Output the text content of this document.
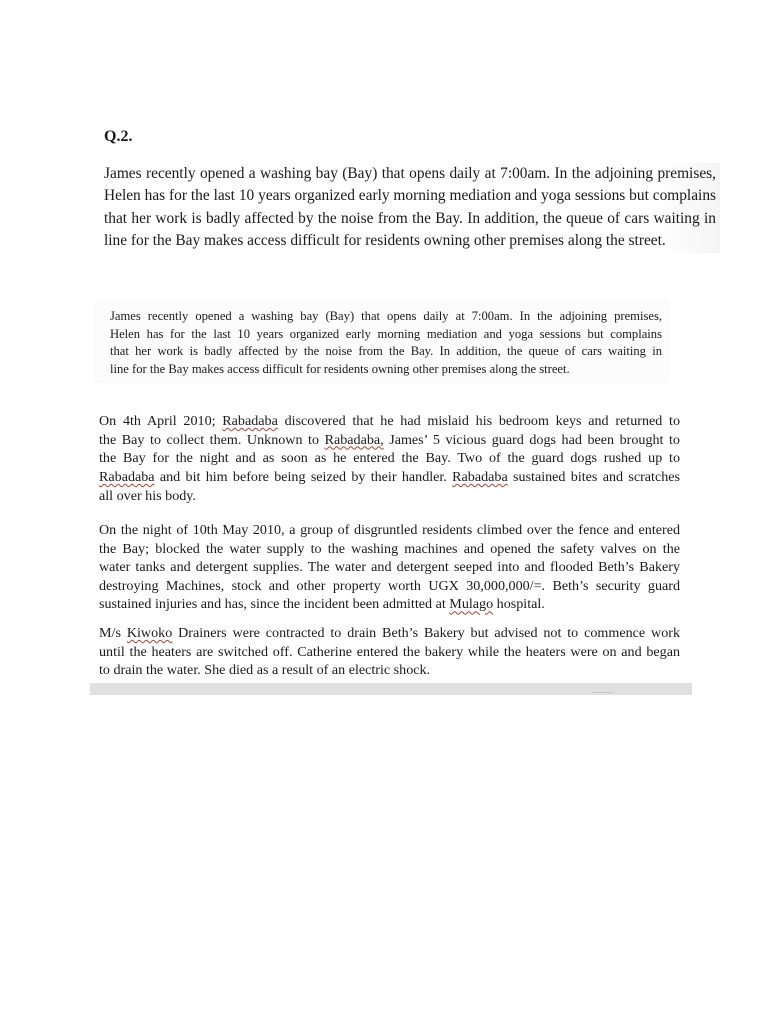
Q.2.

James recently opened a washing bay (Bay) that opens daily at 7:00am. In the adjoining premises,
Helen has for the last 10 years organized early morning mediation and yoga sessions but complains
that her work is badly affected by the noise from the Bay. In addition, the queue of cars waiting in
line for the Bay makes access difficult for residents owning other premises along the street.

James recently opened a washing bay (Bay) that opens daily at 7:00am. In the adjoining premises,
Helen has for the last 10 years organized early morning mediation and yoga sessions but complains
that her work is badly affected by the noise from the Bay. In addition, the queue of cars waiting in
line for the Bay makes access difficult for residents owning other premises along the street.

On 4th April 2010; Rabadaba discovered that he had mislaid his bedroom keys and returned to
the Bay to collect them. Unknown to Rabadaba, James’ 5 vicious guard dogs had been brought to
the Bay for the night and as soon as he entered the Bay. Two of the guard dogs rushed up to
Rabadaba and bit him before being seized by their handler. Rabadaba sustained bites and scratches
all over his body.

On the night of 10th May 2010, a group of disgruntled residents climbed over the fence and entered
the Bay; blocked the water supply to the washing machines and opened the safety valves on the
water tanks and detergent supplies. The water and detergent seeped into and flooded Beth’s Bakery
destroying Machines, stock and other property worth UGX 30,000,000/=. Beth’s security guard
sustained injuries and has, since the incident been admitted at Mulago hospital.

M/s Kiwoko Drainers were contracted to drain Beth’s Bakery but advised not to commence work
until the heaters are switched off. Catherine entered the bakery while the heaters were on and began
to drain the water. She died as a result of an electric shock.
